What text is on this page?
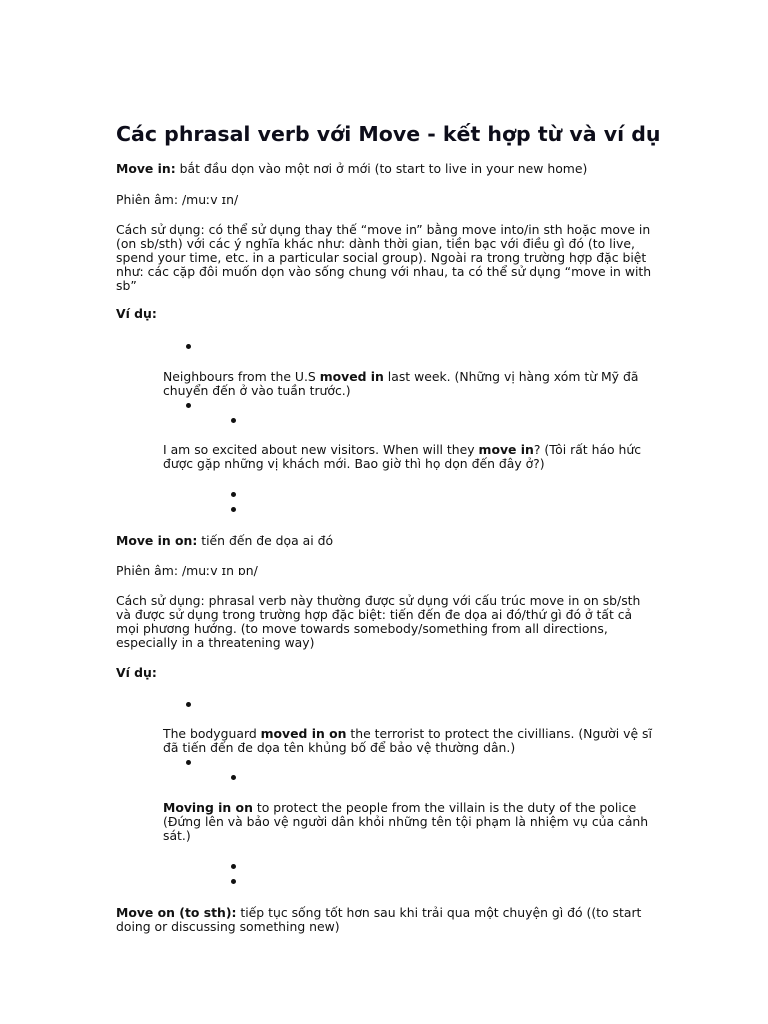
Các phrasal verb với Move - kết hợp từ và ví dụ

Move in: bắt đầu dọn vào một nơi ở mới (to start to live in your new home)

Phiên âm: /muːv ɪn/

Cách sử dụng: có thể sử dụng thay thế “move in” bằng move into/in sth hoặc move in (on sb/sth) với các ý nghĩa khác như: dành thời gian, tiền bạc với điều gì đó (to live, spend your time, etc. in a particular social group). Ngoài ra trong trường hợp đặc biệt như: các cặp đôi muốn dọn vào sống chung với nhau, ta có thể sử dụng “move in with sb”

Ví dụ:

Neighbours from the U.S moved in last week. (Những vị hàng xóm từ Mỹ đã chuyển đến ở vào tuần trước.)

I am so excited about new visitors. When will they move in? (Tôi rất háo hức được gặp những vị khách mới. Bao giờ thì họ dọn đến đây ở?)

Move in on: tiến đến đe dọa ai đó

Phiên âm: /muːv ɪn ɒn/

Cách sử dụng: phrasal verb này thường được sử dụng với cấu trúc move in on sb/sth và được sử dụng trong trường hợp đặc biệt: tiến đến đe dọa ai đó/thứ gì đó ở tất cả mọi phương hướng. (to move towards somebody/something from all directions, especially in a threatening way)

Ví dụ:

The bodyguard moved in on the terrorist to protect the civillians. (Người vệ sĩ đã tiến đến đe dọa tên khủng bố để bảo vệ thường dân.)

Moving in on to protect the people from the villain is the duty of the police (Đứng lên và bảo vệ người dân khỏi những tên tội phạm là nhiệm vụ của cảnh sát.)

Move on (to sth): tiếp tục sống tốt hơn sau khi trải qua một chuyện gì đó ((to start doing or discussing something new)
